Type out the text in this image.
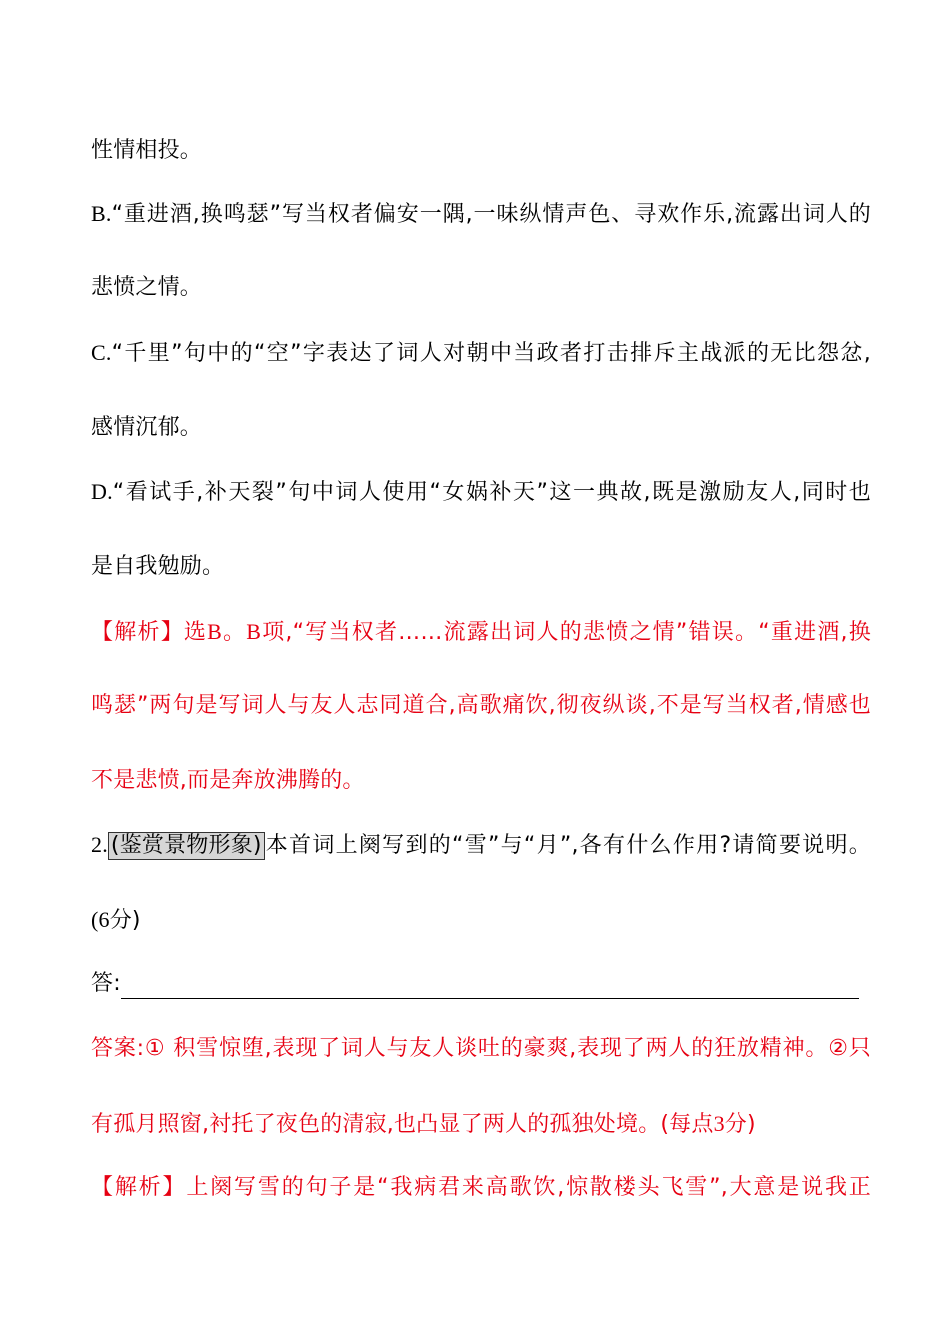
性情相投。
B.“重进酒,换鸣瑟”写当权者偏安一隅,一味纵情声色、寻欢作乐,流露出词人的
悲愤之情。
C.“千里”句中的“空”字表达了词人对朝中当政者打击排斥主战派的无比怨忿,
感情沉郁。
D.“看试手,补天裂”句中词人使用“女娲补天”这一典故,既是激励友人,同时也
是自我勉励。
【解析】选B。B项,“写当权者……流露出词人的悲愤之情”错误。“重进酒,换
鸣瑟”两句是写词人与友人志同道合,高歌痛饮,彻夜纵谈,不是写当权者,情感也
不是悲愤,而是奔放沸腾的。
2. (鉴赏景物形象) 本首词上阕写到的“雪”与“月”,各有什么作用?请简要说明。
(6分)
答:
答案:① 积雪惊堕,表现了词人与友人谈吐的豪爽,表现了两人的狂放精神。②只
有孤月照窗,衬托了夜色的清寂,也凸显了两人的孤独处境。(每点3分)
【解析】上阕写雪的句子是“我病君来高歌饮,惊散楼头飞雪”,大意是说我正
